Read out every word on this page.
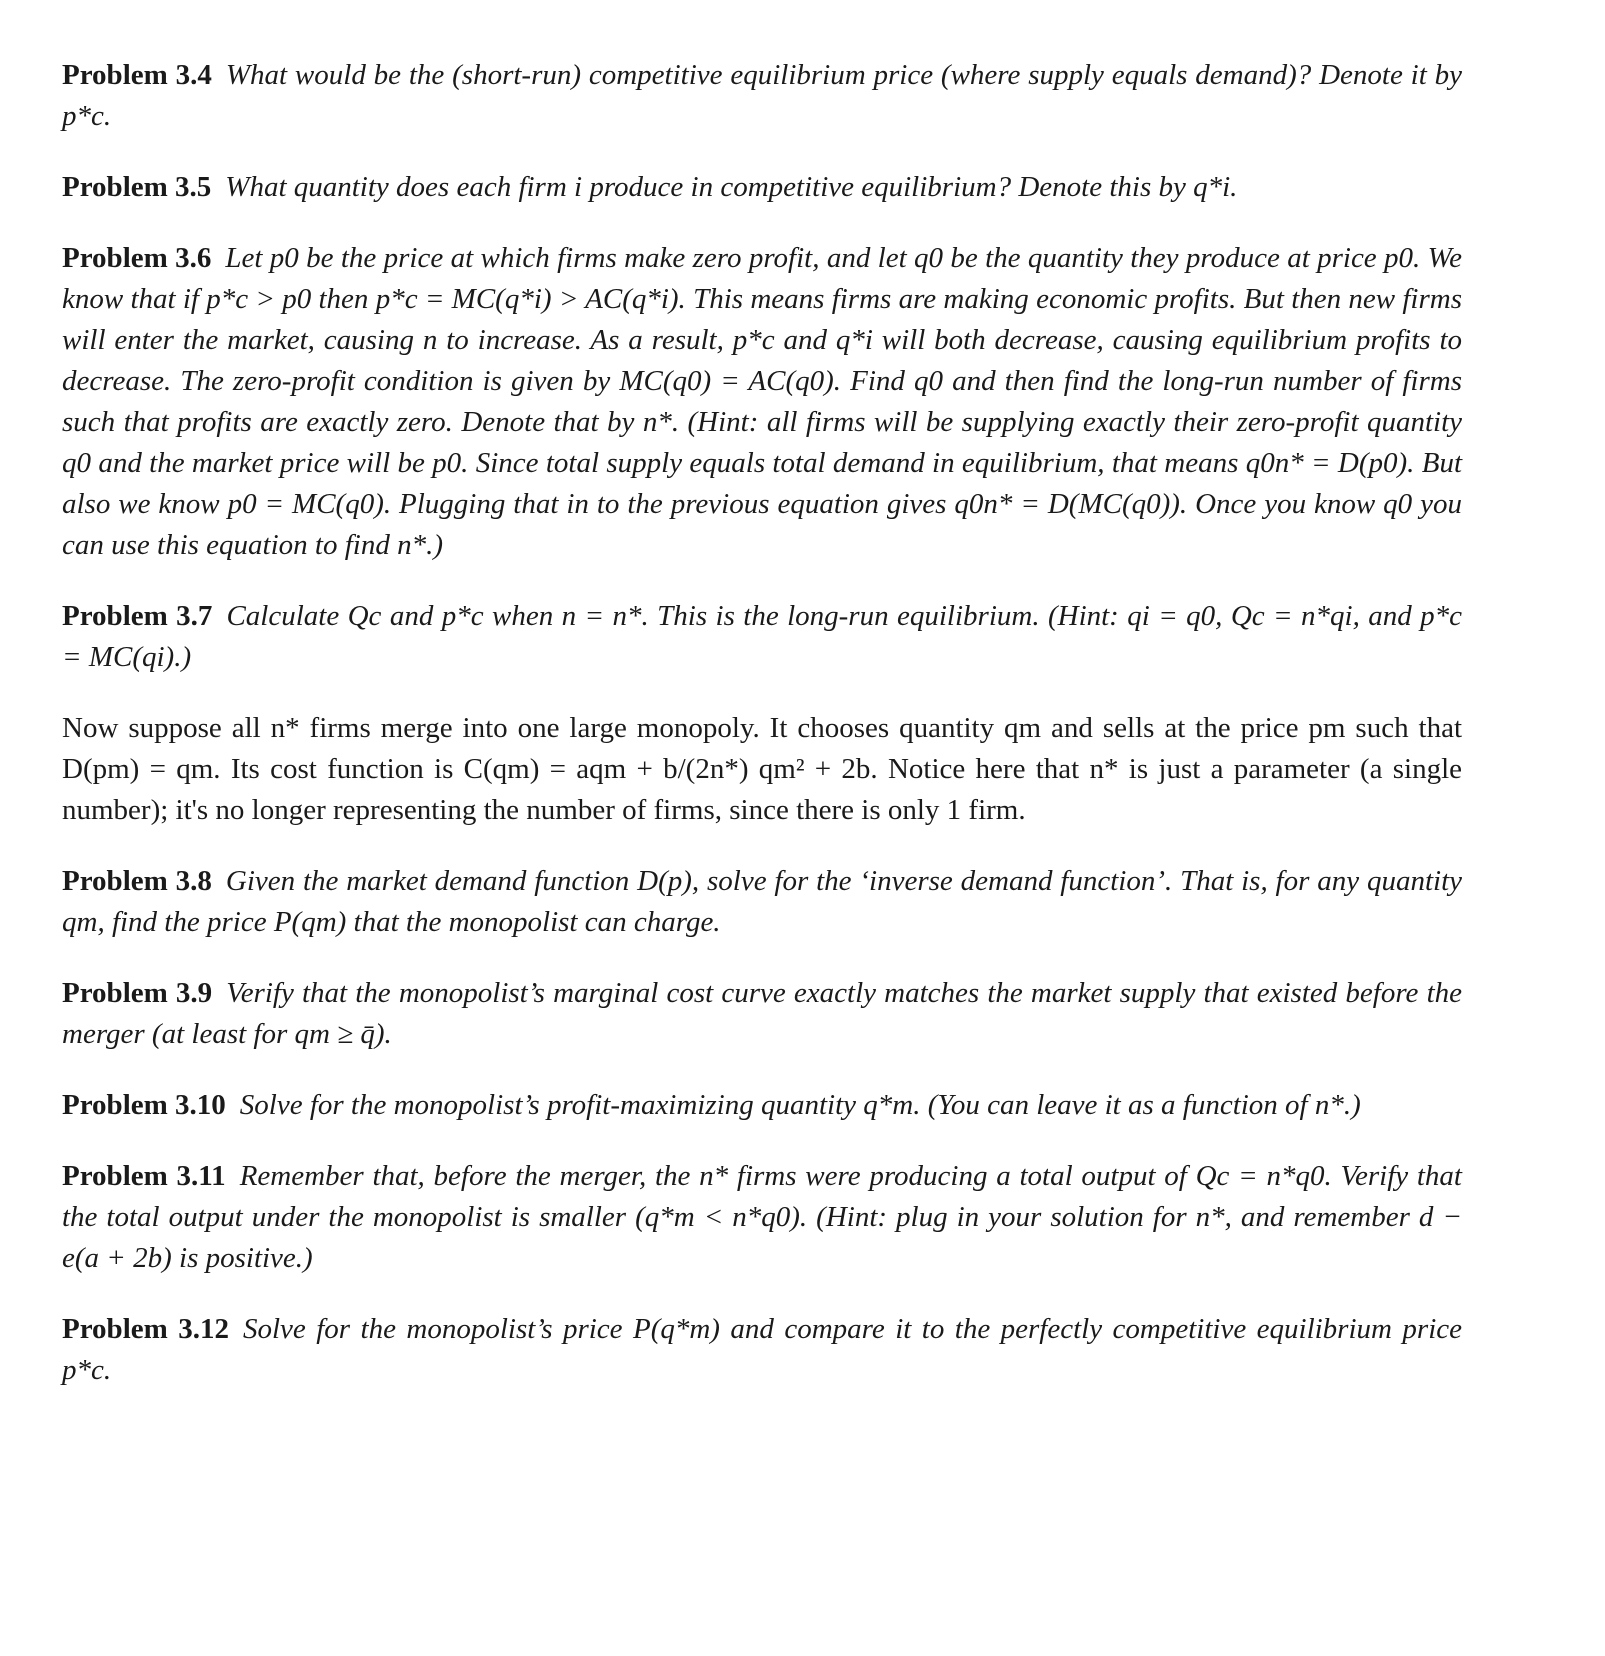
Problem 3.4 What would be the (short-run) competitive equilibrium price (where supply equals demand)? Denote it by p*c.

Problem 3.5 What quantity does each firm i produce in competitive equilibrium? Denote this by q*i.

Problem 3.6 Let p0 be the price at which firms make zero profit, and let q0 be the quantity they produce at price p0. We know that if p*c > p0 then p*c = MC(q*i) > AC(q*i). This means firms are making economic profits. But then new firms will enter the market, causing n to increase. As a result, p*c and q*i will both decrease, causing equilibrium profits to decrease. The zero-profit condition is given by MC(q0) = AC(q0). Find q0 and then find the long-run number of firms such that profits are exactly zero. Denote that by n*. (Hint: all firms will be supplying exactly their zero-profit quantity q0 and the market price will be p0. Since total supply equals total demand in equilibrium, that means q0n* = D(p0). But also we know p0 = MC(q0). Plugging that in to the previous equation gives q0n* = D(MC(q0)). Once you know q0 you can use this equation to find n*.)

Problem 3.7 Calculate Qc and p*c when n = n*. This is the long-run equilibrium. (Hint: qi = q0, Qc = n*qi, and p*c = MC(qi).)

Now suppose all n* firms merge into one large monopoly. It chooses quantity qm and sells at the price pm such that D(pm) = qm. Its cost function is C(qm) = aqm + b/(2n*) qm² + 2b. Notice here that n* is just a parameter (a single number); it's no longer representing the number of firms, since there is only 1 firm.

Problem 3.8 Given the market demand function D(p), solve for the ‘inverse demand function’. That is, for any quantity qm, find the price P(qm) that the monopolist can charge.

Problem 3.9 Verify that the monopolist’s marginal cost curve exactly matches the market supply that existed before the merger (at least for qm ≥ q̄).

Problem 3.10 Solve for the monopolist’s profit-maximizing quantity q*m. (You can leave it as a function of n*.)

Problem 3.11 Remember that, before the merger, the n* firms were producing a total output of Qc = n*q0. Verify that the total output under the monopolist is smaller (q*m < n*q0). (Hint: plug in your solution for n*, and remember d − e(a + 2b) is positive.)

Problem 3.12 Solve for the monopolist’s price P(q*m) and compare it to the perfectly competitive equilibrium price p*c.
